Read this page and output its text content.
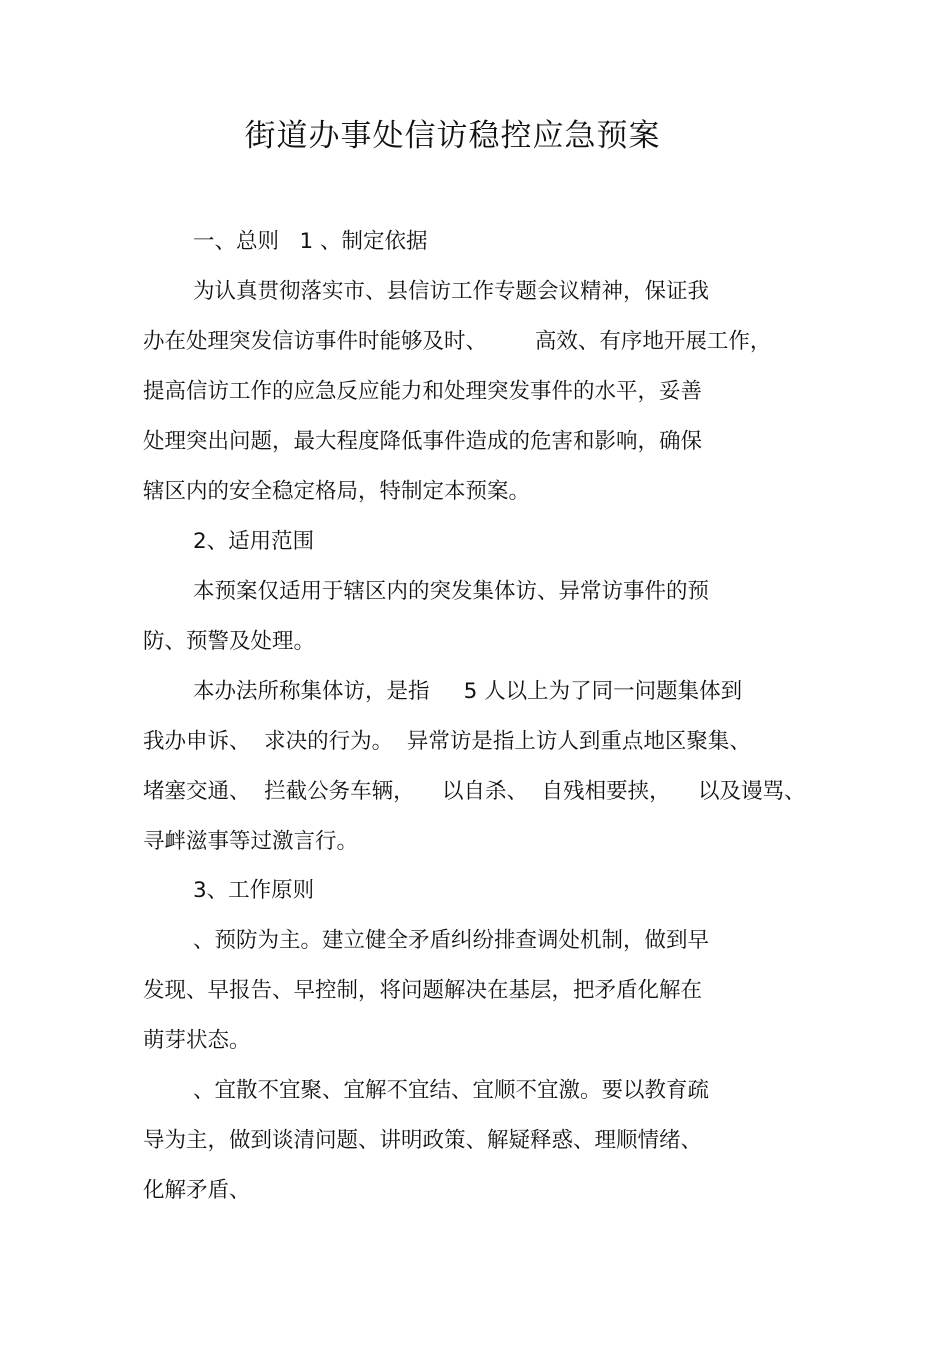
街道办事处信访稳控应急预案
一、总则   1 、制定依据
为认真贯彻落实市、县信访工作专题会议精神，保证我
办在处理突发信访事件时能够及时、       高效、有序地开展工作，
提高信访工作的应急反应能力和处理突发事件的水平，妥善
处理突出问题，最大程度降低事件造成的危害和影响，确保
辖区内的安全稳定格局，特制定本预案。
2、适用范围
本预案仅适用于辖区内的突发集体访、异常访事件的预
防、预警及处理。
本办法所称集体访，是指     5 人以上为了同一问题集体到
我办申诉、  求决的行为。  异常访是指上访人到重点地区聚集、
堵塞交通、  拦截公务车辆，    以自杀、  自残相要挟，    以及谩骂、
寻衅滋事等过激言行。
3、工作原则
、预防为主。建立健全矛盾纠纷排查调处机制，做到早
发现、早报告、早控制，将问题解决在基层，把矛盾化解在
萌芽状态。
、宜散不宜聚、宜解不宜结、宜顺不宜激。要以教育疏
导为主，做到谈清问题、讲明政策、解疑释惑、理顺情绪、
化解矛盾、
